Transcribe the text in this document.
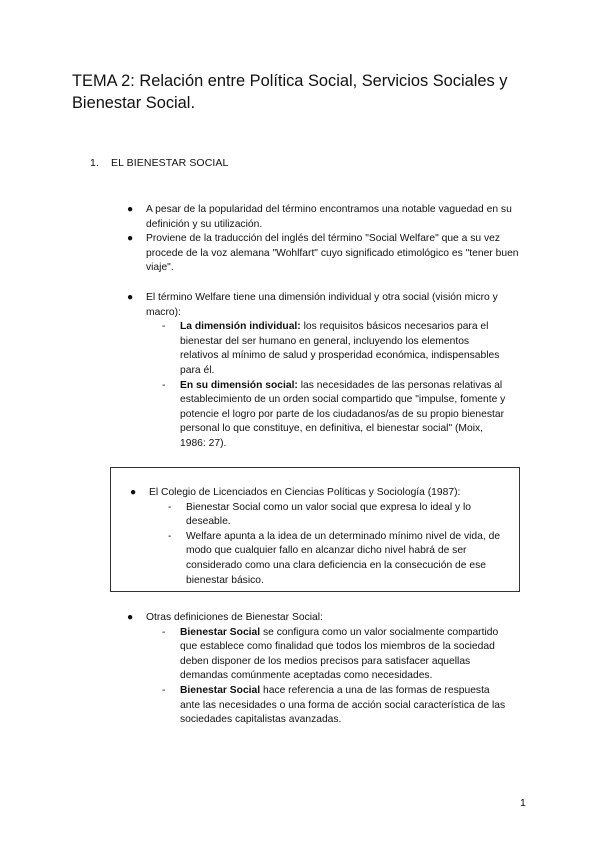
TEMA 2: Relación entre Política Social, Servicios Sociales y Bienestar Social.
1. EL BIENESTAR SOCIAL

● A pesar de la popularidad del término encontramos una notable vaguedad en su definición y su utilización.

● Proviene de la traducción del inglés del término "Social Welfare" que a su vez procede de la voz alemana "Wohlfart" cuyo significado etimológico es "tener buen viaje".

● El término Welfare tiene una dimensión individual y otra social (visión micro y macro):

- La dimensión individual: los requisitos básicos necesarios para el bienestar del ser humano en general, incluyendo los elementos relativos al mínimo de salud y prosperidad económica, indispensables para él.

- En su dimensión social: las necesidades de las personas relativas al establecimiento de un orden social compartido que "impulse, fomente y potencie el logro por parte de los ciudadanos/as de su propio bienestar personal lo que constituye, en definitiva, el bienestar social" (Moix, 1986: 27).

● El Colegio de Licenciados en Ciencias Políticas y Sociología (1987):

- Bienestar Social como un valor social que expresa lo ideal y lo deseable.

- Welfare apunta a la idea de un determinado mínimo nivel de vida, de modo que cualquier fallo en alcanzar dicho nivel habrá de ser considerado como una clara deficiencia en la consecución de ese bienestar básico.

● Otras definiciones de Bienestar Social:

- Bienestar Social se configura como un valor socialmente compartido que establece como finalidad que todos los miembros de la sociedad deben disponer de los medios precisos para satisfacer aquellas demandas comúnmente aceptadas como necesidades.

- Bienestar Social hace referencia a una de las formas de respuesta ante las necesidades o una forma de acción social característica de las sociedades capitalistas avanzadas.

1
